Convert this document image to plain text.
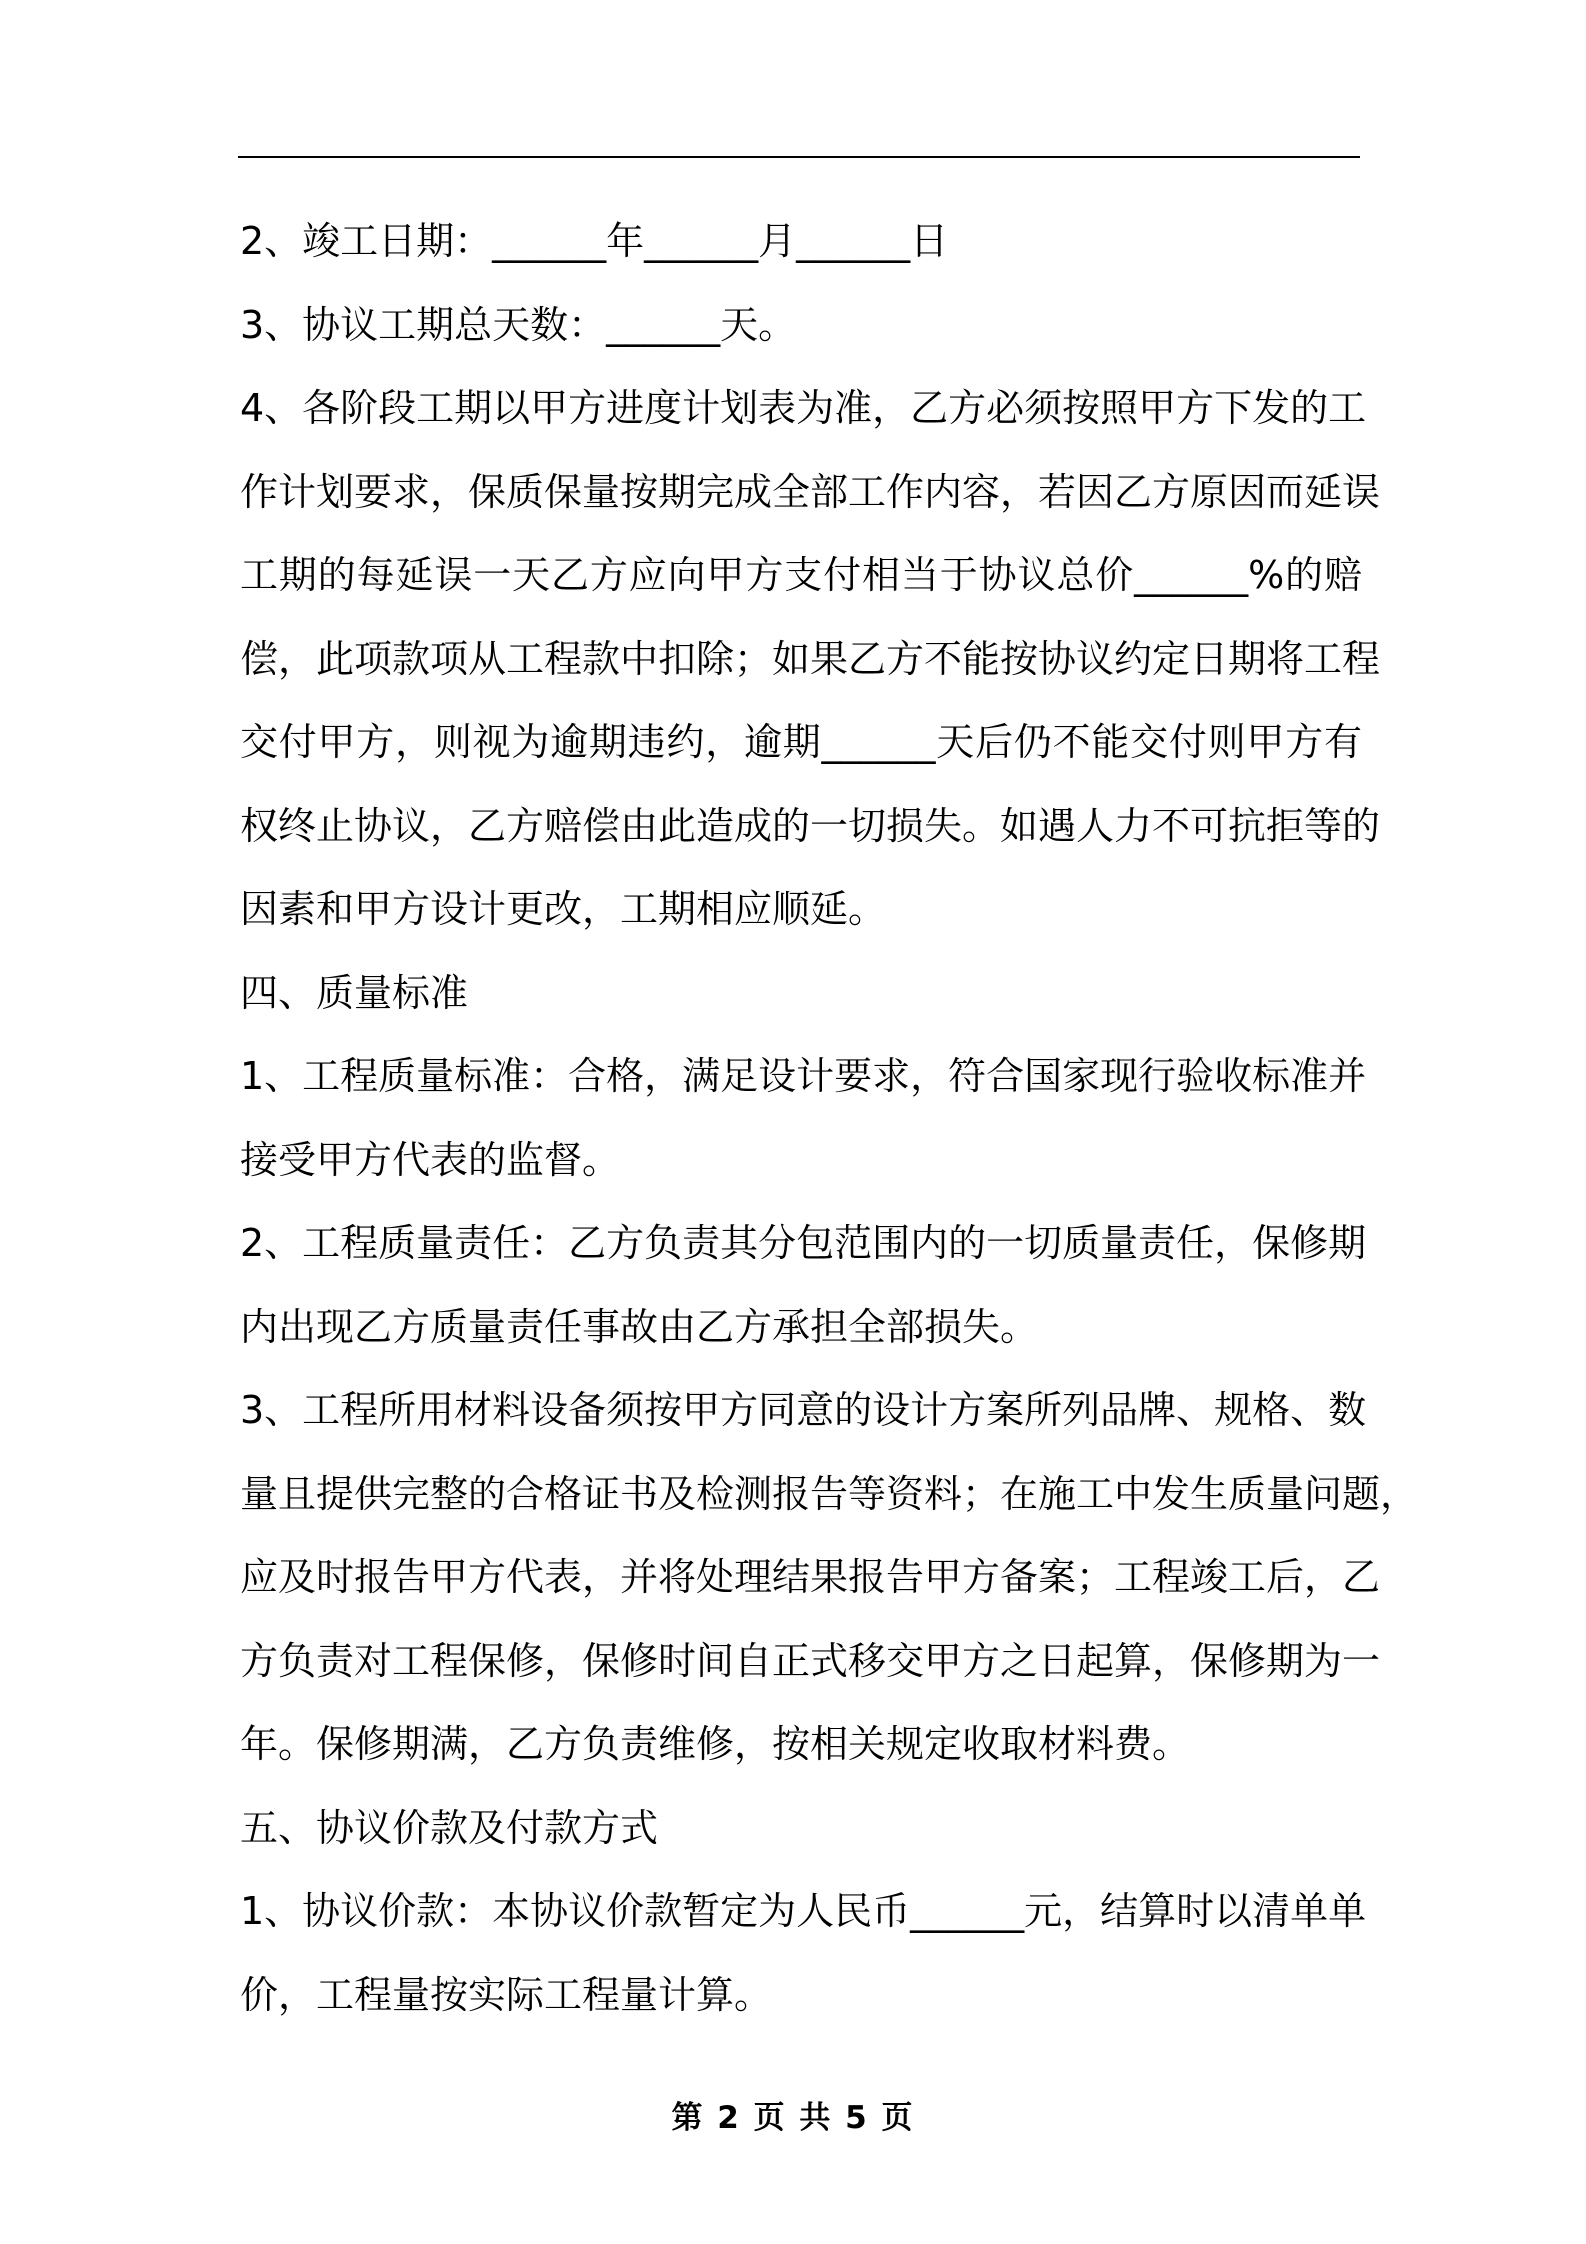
2、竣工日期：______年______月______日
3、协议工期总天数：______天。
4、各阶段工期以甲方进度计划表为准，乙方必须按照甲方下发的工
作计划要求，保质保量按期完成全部工作内容，若因乙方原因而延误
工期的每延误一天乙方应向甲方支付相当于协议总价______%的赔
偿，此项款项从工程款中扣除；如果乙方不能按协议约定日期将工程
交付甲方，则视为逾期违约，逾期______天后仍不能交付则甲方有
权终止协议，乙方赔偿由此造成的一切损失。如遇人力不可抗拒等的
因素和甲方设计更改，工期相应顺延。
四、质量标准
1、工程质量标准：合格，满足设计要求，符合国家现行验收标准并
接受甲方代表的监督。
2、工程质量责任：乙方负责其分包范围内的一切质量责任，保修期
内出现乙方质量责任事故由乙方承担全部损失。
3、工程所用材料设备须按甲方同意的设计方案所列品牌、规格、数
量且提供完整的合格证书及检测报告等资料；在施工中发生质量问题，
应及时报告甲方代表，并将处理结果报告甲方备案；工程竣工后，乙
方负责对工程保修，保修时间自正式移交甲方之日起算，保修期为一
年。保修期满，乙方负责维修，按相关规定收取材料费。
五、协议价款及付款方式
1、协议价款：本协议价款暂定为人民币______元，结算时以清单单
价，工程量按实际工程量计算。
第 2 页 共 5 页
